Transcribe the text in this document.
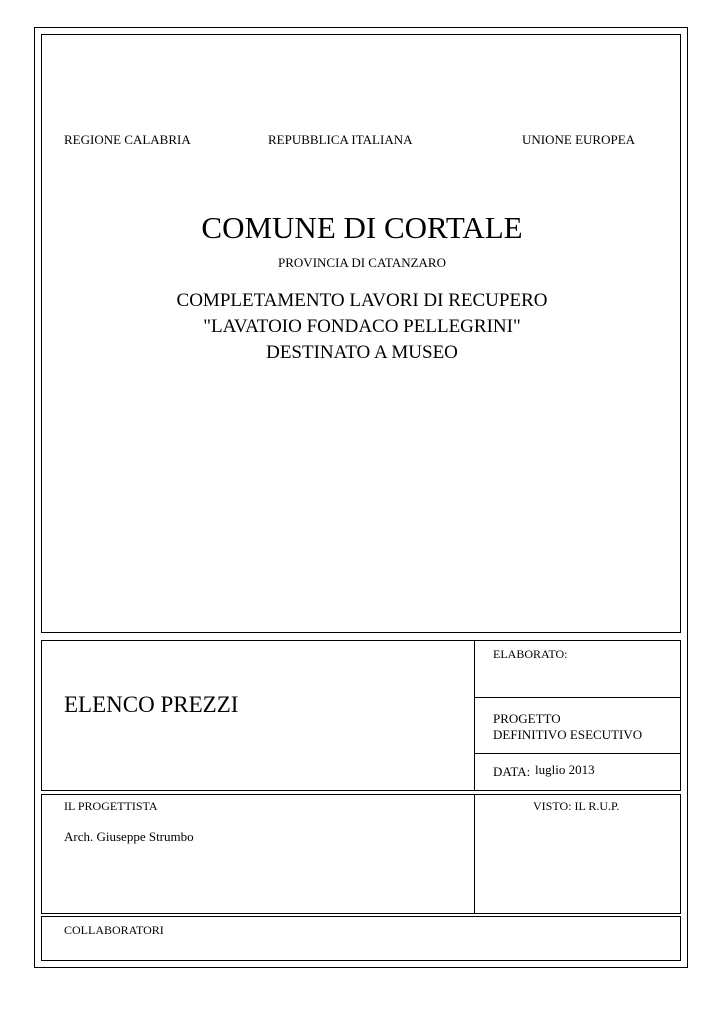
REGIONE CALABRIA	REPUBBLICA ITALIANA	UNIONE EUROPEA
COMUNE DI CORTALE
PROVINCIA DI CATANZARO
COMPLETAMENTO LAVORI DI RECUPERO
"LAVATOIO FONDACO PELLEGRINI"
DESTINATO A MUSEO
ELENCO PREZZI
ELABORATO:
PROGETTO
DEFINITIVO ESECUTIVO
DATA: luglio 2013
IL PROGETTISTA
Arch. Giuseppe Strumbo
VISTO: IL R.U.P.
COLLABORATORI
